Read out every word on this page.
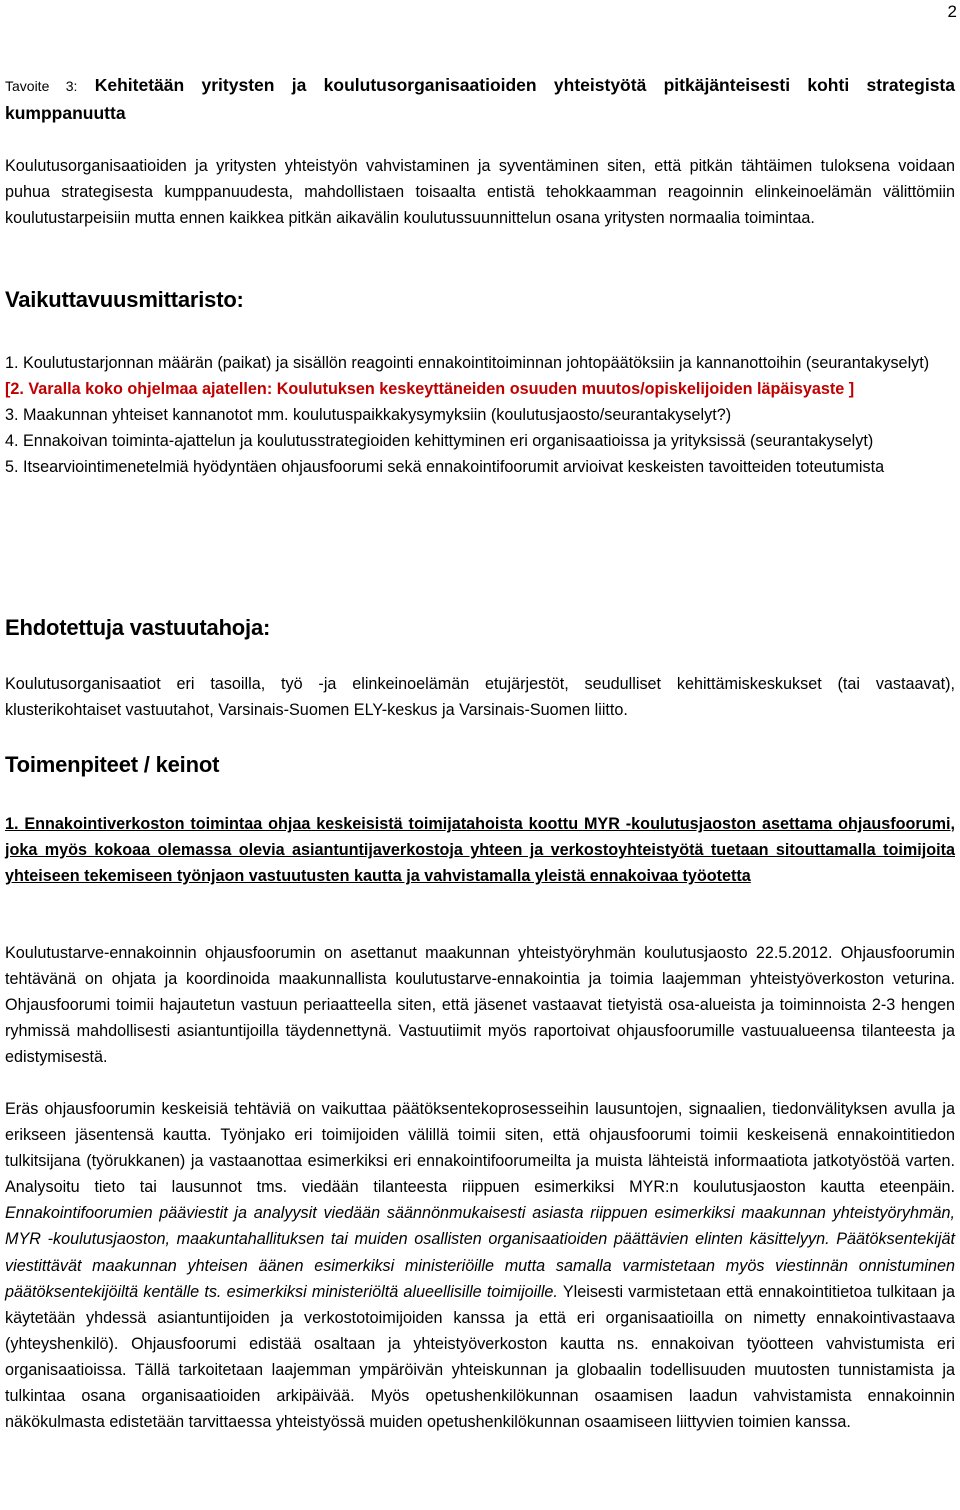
2
Tavoite 3: Kehitetään yritysten ja koulutusorganisaatioiden yhteistyötä pitkäjänteisesti kohti strategista kumppanuutta

Koulutusorganisaatioiden ja yritysten yhteistyön vahvistaminen ja syventäminen siten, että pitkän tähtäimen tuloksena voidaan puhua strategisesta kumppanuudesta, mahdollistaen toisaalta entistä tehokkaamman reagoinnin elinkeinoelämän välittömiin koulutustarpeisiin mutta ennen kaikkea pitkän aikavälin koulutussuunnittelun osana yritysten normaalia toimintaa.

Vaikuttavuusmittaristo:

1. Koulutustarjonnan määrän (paikat) ja sisällön reagointi ennakointitoiminnan johtopäätöksiin ja kannanottoihin (seurantakyselyt)

[2. Varalla koko ohjelmaa ajatellen: Koulutuksen keskeyttäneiden osuuden muutos/opiskelijoiden läpäisyaste ]

3. Maakunnan yhteiset kannanotot mm. koulutuspaikkakysymyksiin (koulutusjaosto/seurantakyselyt?)

4. Ennakoivan toiminta-ajattelun ja koulutusstrategioiden kehittyminen eri organisaatioissa ja yrityksissä (seurantakyselyt)

5. Itsearviointimenetelmiä hyödyntäen ohjausfoorumi sekä ennakointifoorumit arvioivat keskeisten tavoitteiden toteutumista

Ehdotettuja vastuutahoja:

Koulutusorganisaatiot eri tasoilla, työ -ja elinkeinoelämän etujärjestöt, seudulliset kehittämiskeskukset (tai vastaavat), klusterikohtaiset vastuutahot, Varsinais-Suomen ELY-keskus ja Varsinais-Suomen liitto.

Toimenpiteet / keinot

1. Ennakointiverkoston toimintaa ohjaa keskeisistä toimijatahoista koottu MYR -koulutusjaoston asettama ohjausfoorumi, joka myös kokoaa olemassa olevia asiantuntijaverkostoja yhteen ja verkostoyhteistyötä tuetaan sitouttamalla toimijoita yhteiseen tekemiseen työnjaon vastuutusten kautta ja vahvistamalla yleistä ennakoivaa työotetta

Koulutustarve-ennakoinnin ohjausfoorumin on asettanut maakunnan yhteistyöryhmän koulutusjaosto 22.5.2012. Ohjausfoorumin tehtävänä on ohjata ja koordinoida maakunnallista koulutustarve-ennakointia ja toimia laajemman yhteistyöverkoston veturina. Ohjausfoorumi toimii hajautetun vastuun periaatteella siten, että jäsenet vastaavat tietyistä osa-alueista ja toiminnoista 2-3 hengen ryhmissä mahdollisesti asiantuntijoilla täydennettynä. Vastuutiimit myös raportoivat ohjausfoorumille vastuualueensa tilanteesta ja edistymisestä.

Eräs ohjausfoorumin keskeisiä tehtäviä on vaikuttaa päätöksentekoprosesseihin lausuntojen, signaalien, tiedonvälityksen avulla ja erikseen jäsentensä kautta. Työnjako eri toimijoiden välillä toimii siten, että ohjausfoorumi toimii keskeisenä ennakointitiedon tulkitsijana (työrukkanen) ja vastaanottaa esimerkiksi eri ennakointifoorumeilta ja muista lähteistä informaatiota jatkotyöstöä varten. Analysoitu tieto tai lausunnot tms. viedään tilanteesta riippuen esimerkiksi MYR:n koulutusjaoston kautta eteenpäin. Ennakointifoorumien pääviestit ja analyysit viedään säännönmukaisesti asiasta riippuen esimerkiksi maakunnan yhteistyöryhmän, MYR -koulutusjaoston, maakuntahallituksen tai muiden osallisten organisaatioiden päättävien elinten käsittelyyn. Päätöksentekijät viestittävät maakunnan yhteisen äänen esimerkiksi ministeriöille mutta samalla varmistetaan myös viestinnän onnistuminen päätöksentekijöiltä kentälle ts. esimerkiksi ministeriöltä alueellisille toimijoille. Yleisesti varmistetaan että ennakointitietoa tulkitaan ja käytetään yhdessä asiantuntijoiden ja verkostotoimijoiden kanssa ja että eri organisaatioilla on nimetty ennakointivastaava (yhteyshenkilö). Ohjausfoorumi edistää osaltaan ja yhteistyöverkoston kautta ns. ennakoivan työotteen vahvistumista eri organisaatioissa. Tällä tarkoitetaan laajemman ympäröivän yhteiskunnan ja globaalin todellisuuden muutosten tunnistamista ja tulkintaa osana organisaatioiden arkipäivää. Myös opetushenkilökunnan osaamisen laadun vahvistamista ennakoinnin näkökulmasta edistetään tarvittaessa yhteistyössä muiden opetushenkilökunnan osaamiseen liittyvien toimien kanssa.
